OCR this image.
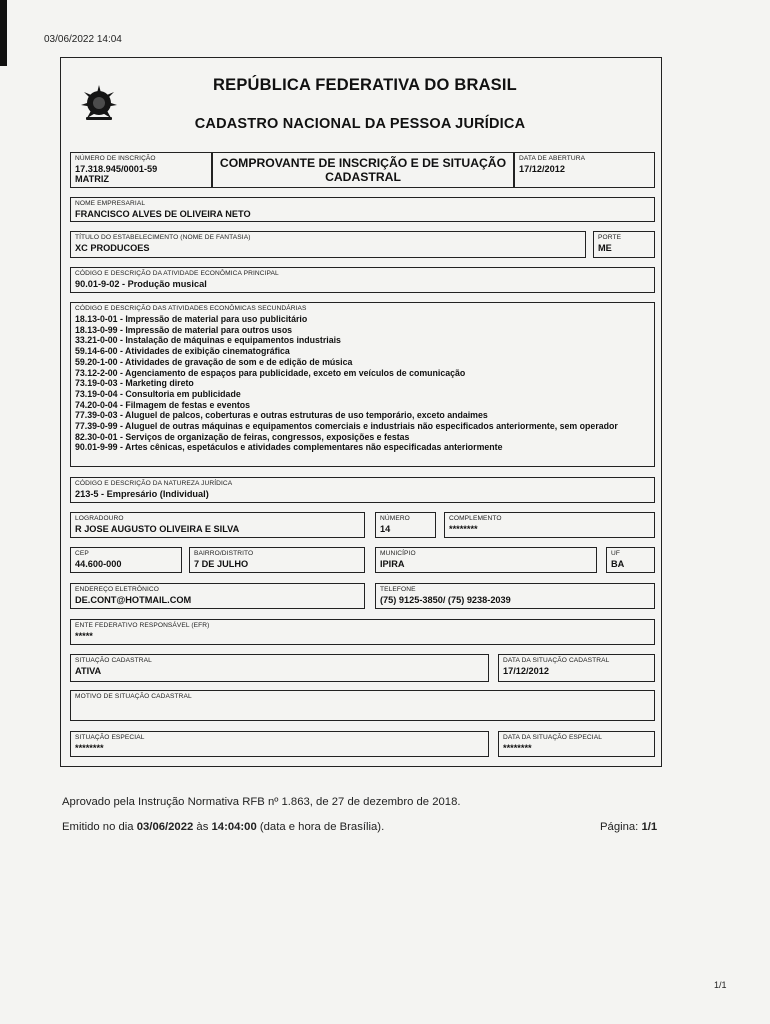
03/06/2022 14:04
REPÚBLICA FEDERATIVA DO BRASIL
CADASTRO NACIONAL DA PESSOA JURÍDICA
NÚMERO DE INSCRIÇÃO
17.318.945/0001-59
MATRIZ
COMPROVANTE DE INSCRIÇÃO E DE SITUAÇÃO CADASTRAL
DATA DE ABERTURA
17/12/2012
NOME EMPRESARIAL
FRANCISCO ALVES DE OLIVEIRA NETO
TÍTULO DO ESTABELECIMENTO (NOME DE FANTASIA)
XC PRODUCOES
PORTE
ME
CÓDIGO E DESCRIÇÃO DA ATIVIDADE ECONÔMICA PRINCIPAL
90.01-9-02 - Produção musical
CÓDIGO E DESCRIÇÃO DAS ATIVIDADES ECONÔMICAS SECUNDÁRIAS
18.13-0-01 - Impressão de material para uso publicitário
18.13-0-99 - Impressão de material para outros usos
33.21-0-00 - Instalação de máquinas e equipamentos industriais
59.14-6-00 - Atividades de exibição cinematográfica
59.20-1-00 - Atividades de gravação de som e de edição de música
73.12-2-00 - Agenciamento de espaços para publicidade, exceto em veículos de comunicação
73.19-0-03 - Marketing direto
73.19-0-04 - Consultoria em publicidade
74.20-0-04 - Filmagem de festas e eventos
77.39-0-03 - Aluguel de palcos, coberturas e outras estruturas de uso temporário, exceto andaimes
77.39-0-99 - Aluguel de outras máquinas e equipamentos comerciais e industriais não especificados anteriormente, sem operador
82.30-0-01 - Serviços de organização de feiras, congressos, exposições e festas
90.01-9-99 - Artes cênicas, espetáculos e atividades complementares não especificadas anteriormente
CÓDIGO E DESCRIÇÃO DA NATUREZA JURÍDICA
213-5 - Empresário (Individual)
LOGRADOURO
R JOSE AUGUSTO OLIVEIRA E SILVA
NÚMERO
14
COMPLEMENTO
********
CEP
44.600-000
BAIRRO/DISTRITO
7 DE JULHO
MUNICÍPIO
IPIRA
UF
BA
ENDEREÇO ELETRÔNICO
DE.CONT@HOTMAIL.COM
TELEFONE
(75) 9125-3850/ (75) 9238-2039
ENTE FEDERATIVO RESPONSÁVEL (EFR)
*****
SITUAÇÃO CADASTRAL
ATIVA
DATA DA SITUAÇÃO CADASTRAL
17/12/2012
MOTIVO DE SITUAÇÃO CADASTRAL
SITUAÇÃO ESPECIAL
********
DATA DA SITUAÇÃO ESPECIAL
********
Aprovado pela Instrução Normativa RFB nº 1.863, de 27 de dezembro de 2018.
Emitido no dia 03/06/2022 às 14:04:00 (data e hora de Brasília).	Página: 1/1
1/1
